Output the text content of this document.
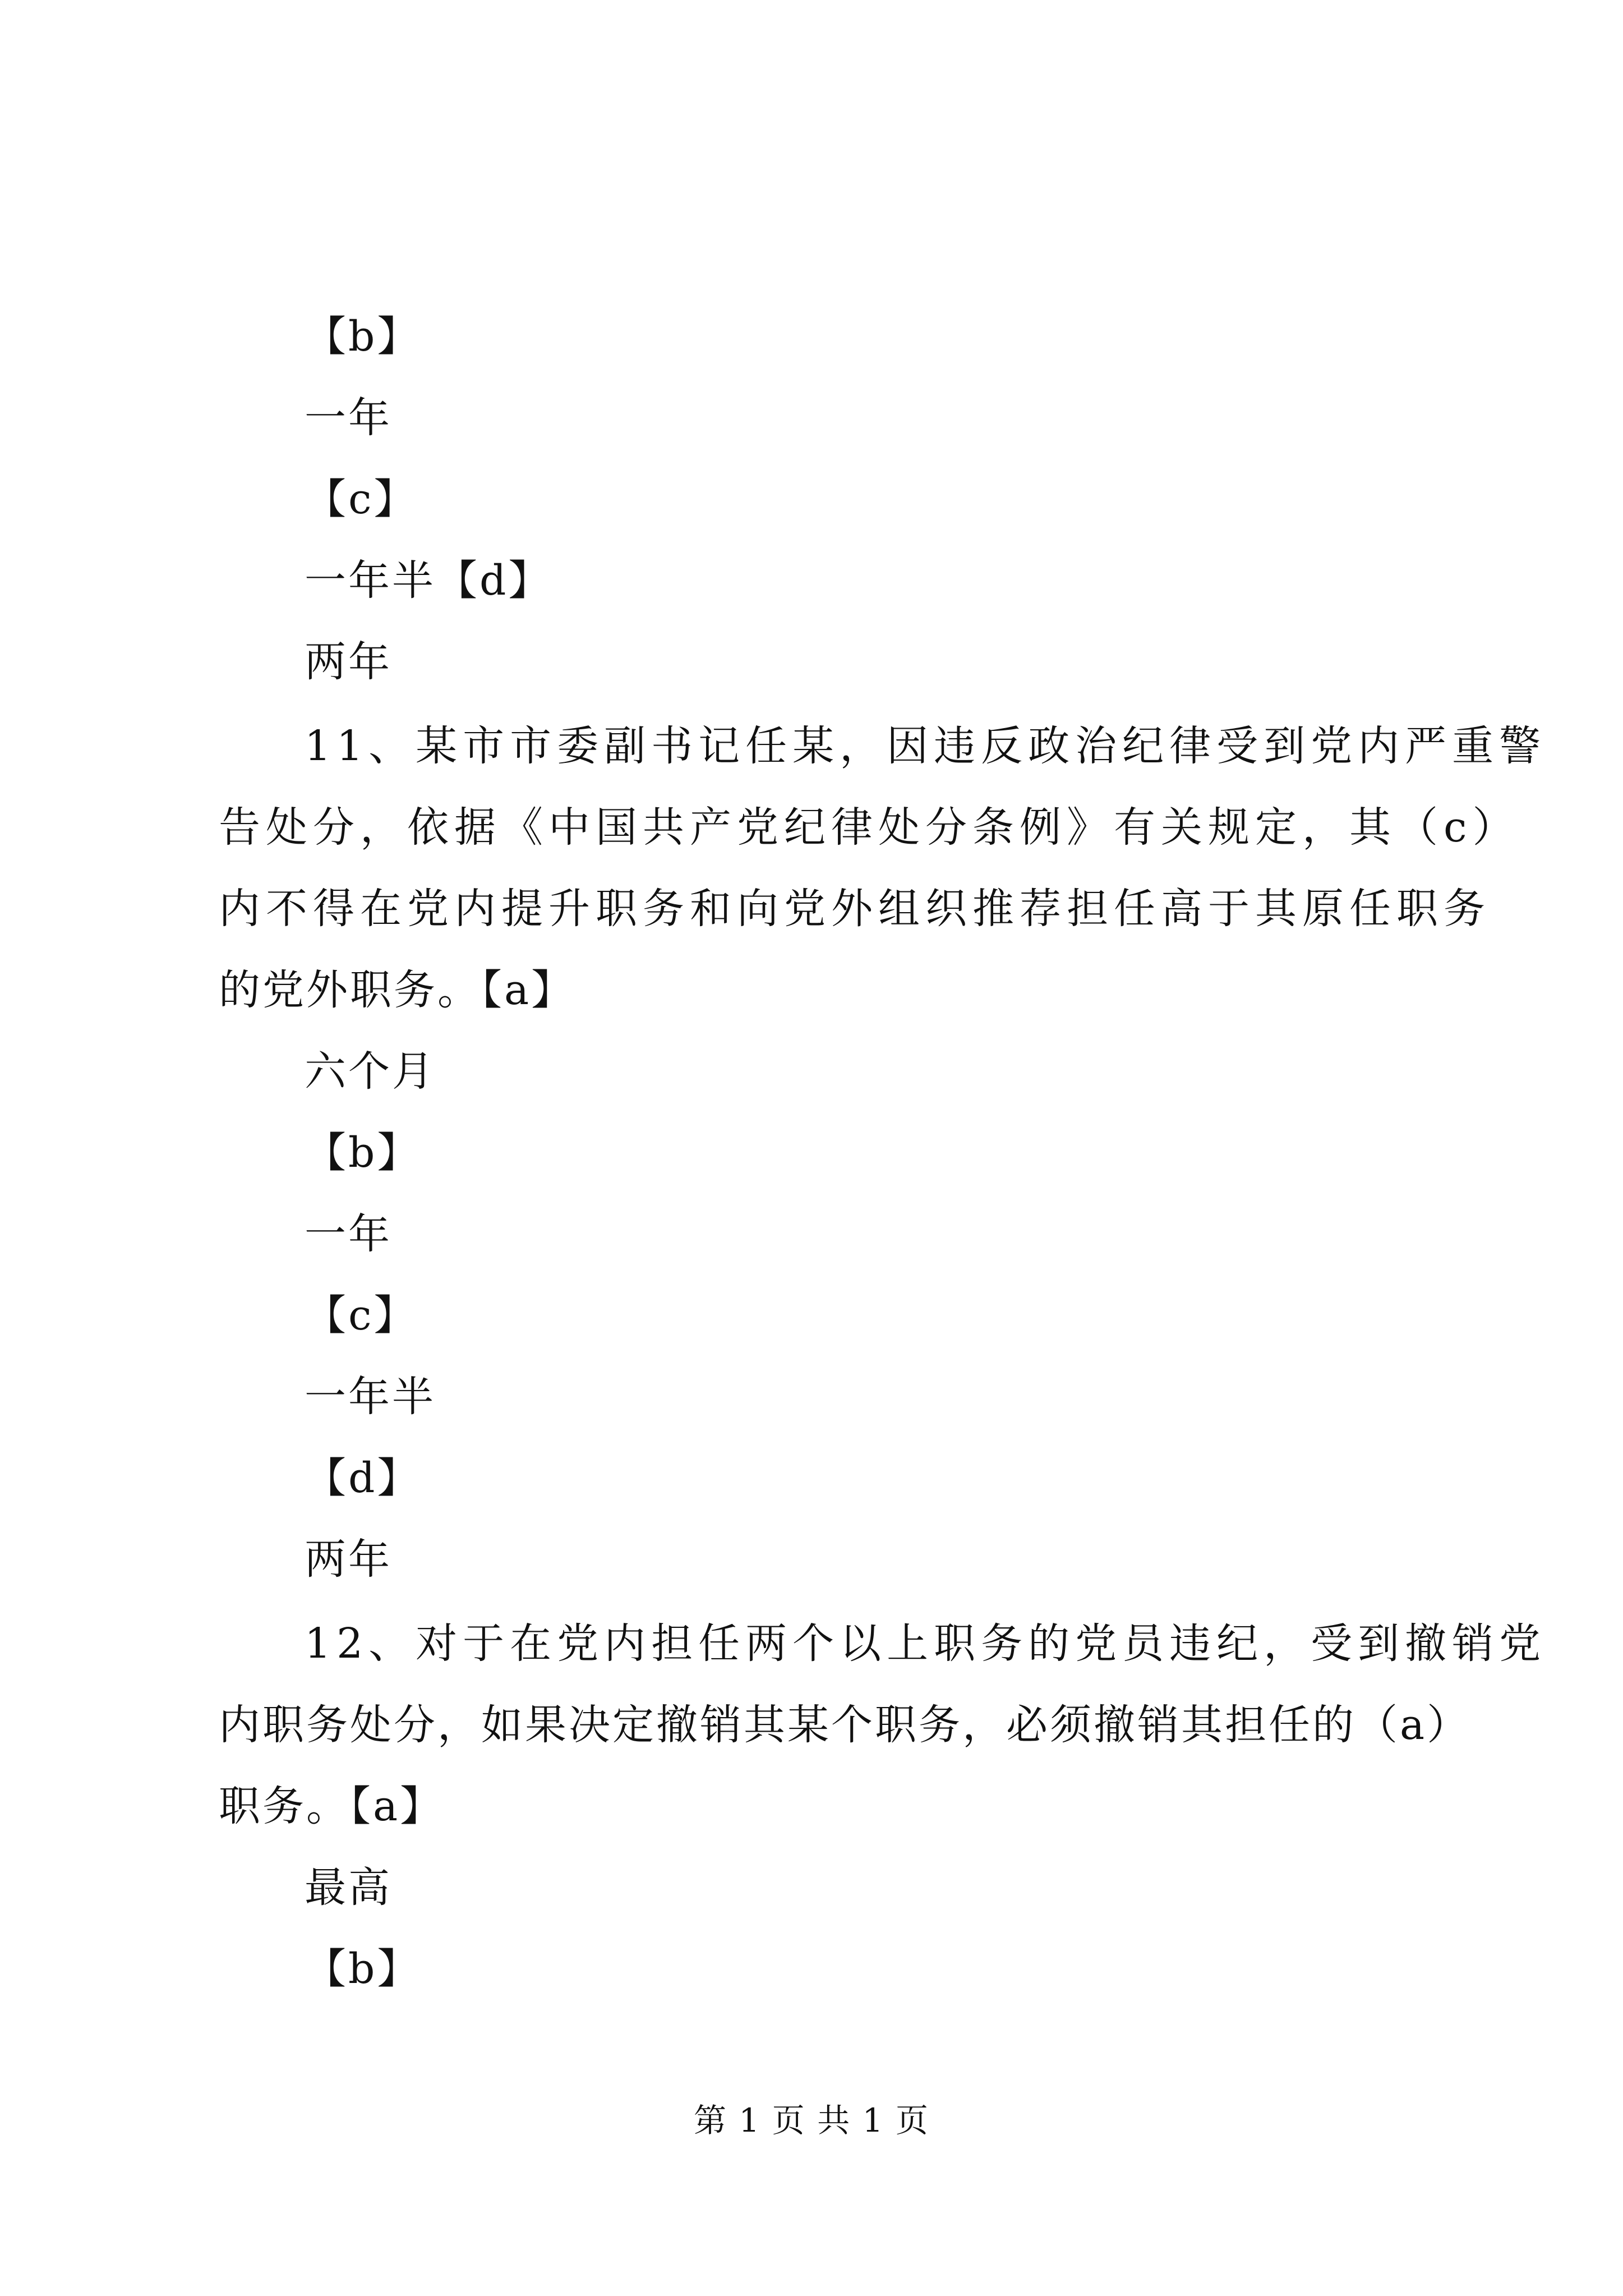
【b】
一年
【c】
一年半【d】
两年
11、某市市委副书记任某，因违反政治纪律受到党内严重警
告处分，依据《中国共产党纪律处分条例》有关规定，其（c）
内不得在党内提升职务和向党外组织推荐担任高于其原任职务
的党外职务。【a】
六个月
【b】
一年
【c】
一年半
【d】
两年
12、对于在党内担任两个以上职务的党员违纪，受到撤销党
内职务处分，如果决定撤销其某个职务，必须撤销其担任的（a）
职务。【a】
最高
【b】
第 1 页 共 1 页
